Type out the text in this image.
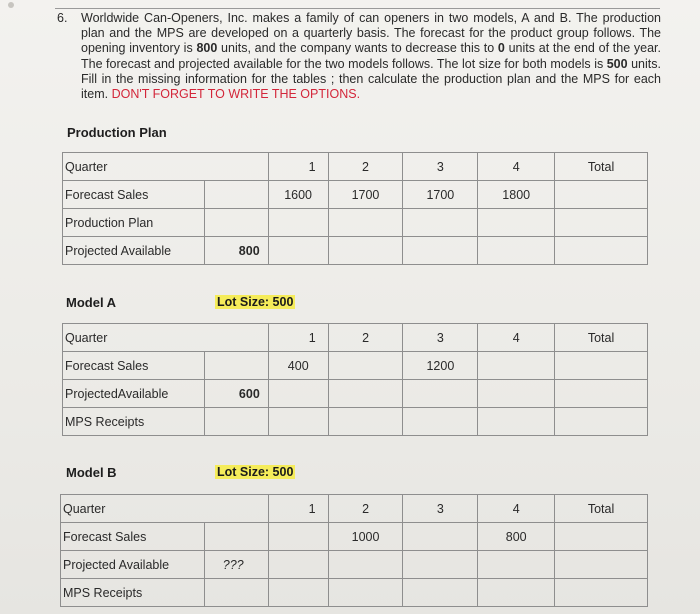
6. Worldwide Can-Openers, Inc. makes a family of can openers in two models, A and B. The production plan and the MPS are developed on a quarterly basis. The forecast for the product group follows. The opening inventory is 800 units, and the company wants to decrease this to 0 units at the end of the year. The forecast and projected available for the two models follows. The lot size for both models is 500 units. Fill in the missing information for the tables ; then calculate the production plan and the MPS for each item. DON'T FORGET TO WRITE THE OPTIONS.
Production Plan
Quarter		1	2	3	4	Total
Forecast Sales		1600	1700	1700	1800	
Production Plan						
Projected Available	800					
Model A	Lot Size: 500
Quarter		1	2	3	4	Total
Forecast Sales		400		1200		
ProjectedAvailable	600					
MPS Receipts						
Model B	Lot Size: 500
Quarter		1	2	3	4	Total
Forecast Sales			1000		800	
Projected Available	???					
MPS Receipts						
